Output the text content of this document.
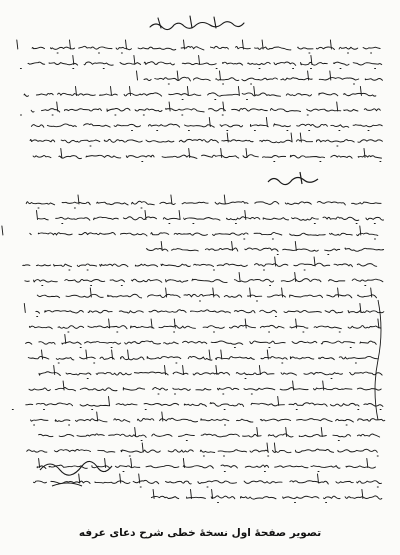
تصویر صفحۀ اول نسخۀ خطی شرح دعای عرفه
